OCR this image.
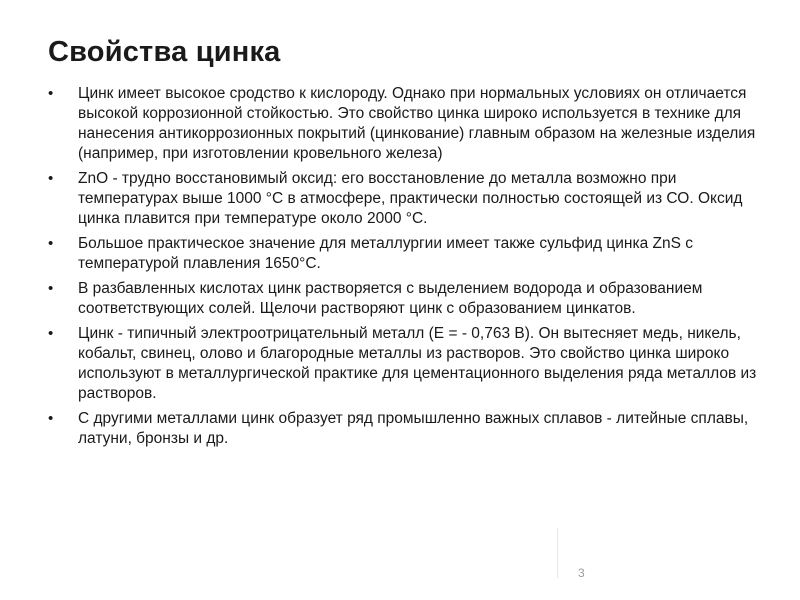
Свойства цинка
•	Цинк имеет высокое сродство к кислороду. Однако при нормальных условиях он отличается высокой коррозионной стойкостью. Это свойство цинка широко используется в технике для нанесения антикоррозионных покрытий (цинкование) главным образом на железные изделия (например, при изготовлении кровельного железа)
•	ZnO - трудно восстановимый оксид: его восстановление до металла возможно при температурах выше 1000 °С в атмосфере, практически полностью состоящей из СО. Оксид цинка плавится при температуре около 2000 °С.
•	Большое практическое значение для металлургии имеет также сульфид цинка ZnS с температурой плавления 1650°С.
•	В разбавленных кислотах цинк растворяется с выделением водорода и образованием соответствующих солей. Щелочи растворяют цинк с образованием цинкатов.
•	Цинк - типичный электроотрицательный металл (Е = - 0,763 В). Он вытесняет медь, никель, кобальт, свинец, олово и благородные металлы из растворов. Это свойство цинка широко используют в металлургической практике для цементационного выделения ряда металлов из растворов.
•	С другими металлами цинк образует ряд промышленно важных сплавов - литейные сплавы, латуни, бронзы и др.
3
